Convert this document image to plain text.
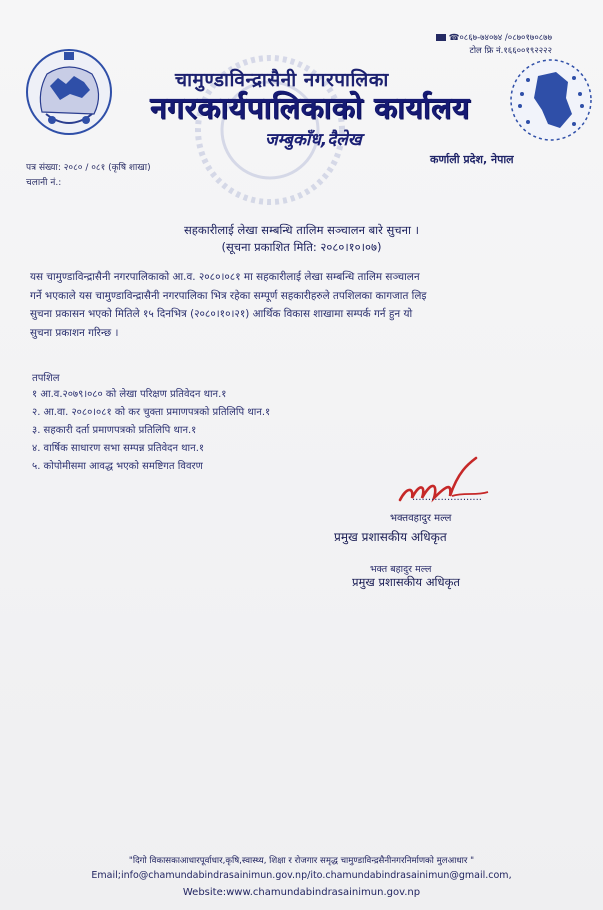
☎०८६७-७४०७४ /०८७०१७०८७७
टोल फ्रि नं.१६६००१९२२२२
चामुण्डाविन्द्रासैनी नगरपालिका
नगरकार्यपालिकाको कार्यालय
जम्बुकाँध,दैलेख
कर्णाली प्रदेश, नेपाल
पत्र संख्या: २०८० / ०८१ (कृषि शाखा)
चलानी नं.:
सहकारीलाई लेखा सम्बन्धि तालिम सञ्चालन बारे सुचना ।
(सूचना प्रकाशित मिति: २०८०।१०।०७)
यस चामुण्डाविन्द्रासैनी नगरपालिकाको आ.व. २०८०।०८१ मा सहकारीलाई लेखा सम्बन्धि तालिम सञ्चालन
गर्ने भएकाले यस चामुण्डाविन्द्रासैनी नगरपालिका भित्र रहेका सम्पूर्ण सहकारीहरुले तपशिलका कागजात लिइ
सुचना प्रकासन भएको मितिले १५ दिनभित्र (२०८०।१०।२१) आर्थिक विकास शाखामा सम्पर्क गर्न हुन यो
सुचना प्रकाशन गरिन्छ ।
तपशिल
१ आ.व.२०७९।०८० को लेखा परिक्षण प्रतिवेदन थान.१
२. आ.वा. २०८०।०८१ को कर चुक्ता प्रमाणपत्रको प्रतिलिपि थान.१
३. सहकारी दर्ता प्रमाणपत्रको प्रतिलिपि थान.१
४. वार्षिक साधारण सभा सम्पन्न प्रतिवेदन थान.१
५. कोपोमीसमा आवद्ध भएको समष्टिगत विवरण
......................
भक्तवहादुर मल्ल
प्रमुख प्रशासकीय अधिकृत
भक्त बहादुर मल्ल
प्रमुख प्रशासकीय अधिकृत
"दिगो विकासकाआधारपूर्वाधार,कृषि,स्वास्थ्य, शिक्षा र रोजगार समृद्ध चामुण्डाविन्द्रसैनीनगरनिर्माणको मुलआधार "
Email;info@chamundabindrasainimun.gov.np/ito.chamundabindrasainimun@gmail.com,
Website:www.chamundabindrasainimun.gov.np
